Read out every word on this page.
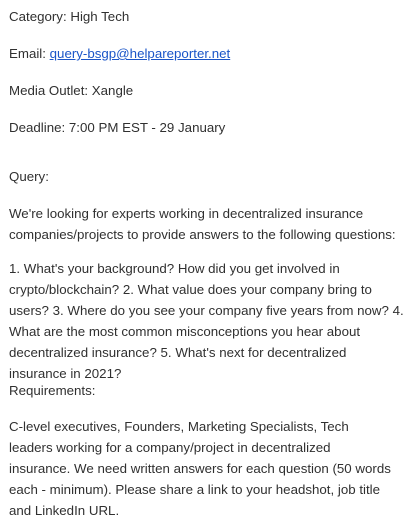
Category: High Tech
Email: query-bsgp@helpareporter.net
Media Outlet: Xangle
Deadline: 7:00 PM EST - 29 January
Query:

We're looking for experts working in decentralized insurance

companies/projects to provide answers to the following questions:

1. What's your background? How did you get involved in

crypto/blockchain? 2. What value does your company bring to

users? 3. Where do you see your company five years from now? 4.

What are the most common misconceptions you hear about

decentralized insurance? 5. What's next for decentralized

insurance in 2021?

Requirements:

C-level executives, Founders, Marketing Specialists, Tech

leaders working for a company/project in decentralized

insurance. We need written answers for each question (50 words

each - minimum). Please share a link to your headshot, job title

and LinkedIn URL.
